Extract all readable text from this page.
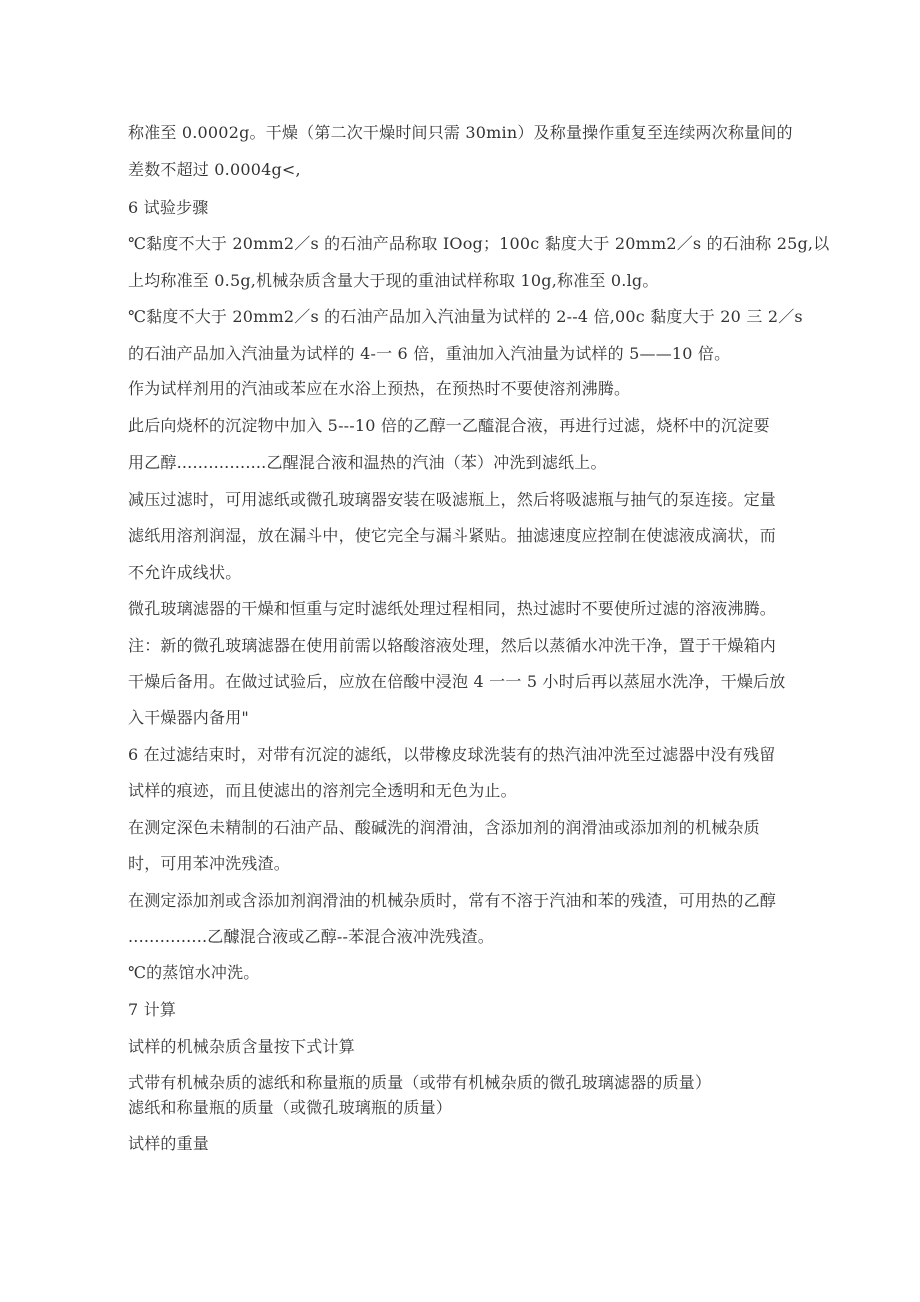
称准至 0.0002g。干燥（第二次干燥时间只需 30min）及称量操作重复至连续两次称量间的
差数不超过 0.0004g<,
6 试验步骤
℃黏度不大于 20mm2／s 的石油产品称取 IOog；100c 黏度大于 20mm2／s 的石油称 25g,以
上均称准至 0.5g,机械杂质含量大于现的重油试样称取 10g,称准至 0.lg。
℃黏度不大于 20mm2／s 的石油产品加入汽油量为试样的 2--4 倍,00c 黏度大于 20 三 2／s
的石油产品加入汽油量为试样的 4-一 6 倍，重油加入汽油量为试样的 5——10 倍。
作为试样剂用的汽油或苯应在水浴上预热，在预热时不要使溶剂沸腾。
此后向烧杯的沉淀物中加入 5---10 倍的乙醇一乙醯混合液，再进行过滤，烧杯中的沉淀要
用乙醇.................乙醒混合液和温热的汽油（苯）冲洗到滤纸上。
减压过滤时，可用滤纸或微孔玻璃器安装在吸滤瓶上，然后将吸滤瓶与抽气的泵连接。定量
滤纸用溶剂润湿，放在漏斗中，使它完全与漏斗紧贴。抽滤速度应控制在使滤液成滴状，而
不允许成线状。
微孔玻璃滤器的干燥和恒重与定时滤纸处理过程相同，热过滤时不要使所过滤的溶液沸腾。
注：新的微孔玻璃滤器在使用前需以辂酸溶液处理，然后以蒸循水冲洗干净，置于干燥箱内
干燥后备用。在做过试验后，应放在倍酸中浸泡 4 一一 5 小时后再以蒸屈水洗净，干燥后放
入干燥器内备用"
6 在过滤结束时，对带有沉淀的滤纸，以带橡皮球洗装有的热汽油冲洗至过滤器中没有残留
试样的痕迹，而且使滤出的溶剂完全透明和无色为止。
在测定深色未精制的石油产品、酸碱洗的润滑油，含添加剂的润滑油或添加剂的机械杂质
时，可用苯冲洗残渣。
在测定添加剂或含添加剂润滑油的机械杂质时，常有不溶于汽油和苯的残渣，可用热的乙醇
...............乙醵混合液或乙醇--苯混合液冲洗残渣。
℃的蒸馆水冲洗。
7 计算
试样的机械杂质含量按下式计算
式带有机械杂质的滤纸和称量瓶的质量（或带有机械杂质的微孔玻璃滤器的质量）
滤纸和称量瓶的质量（或微孔玻璃瓶的质量）
试样的重量
